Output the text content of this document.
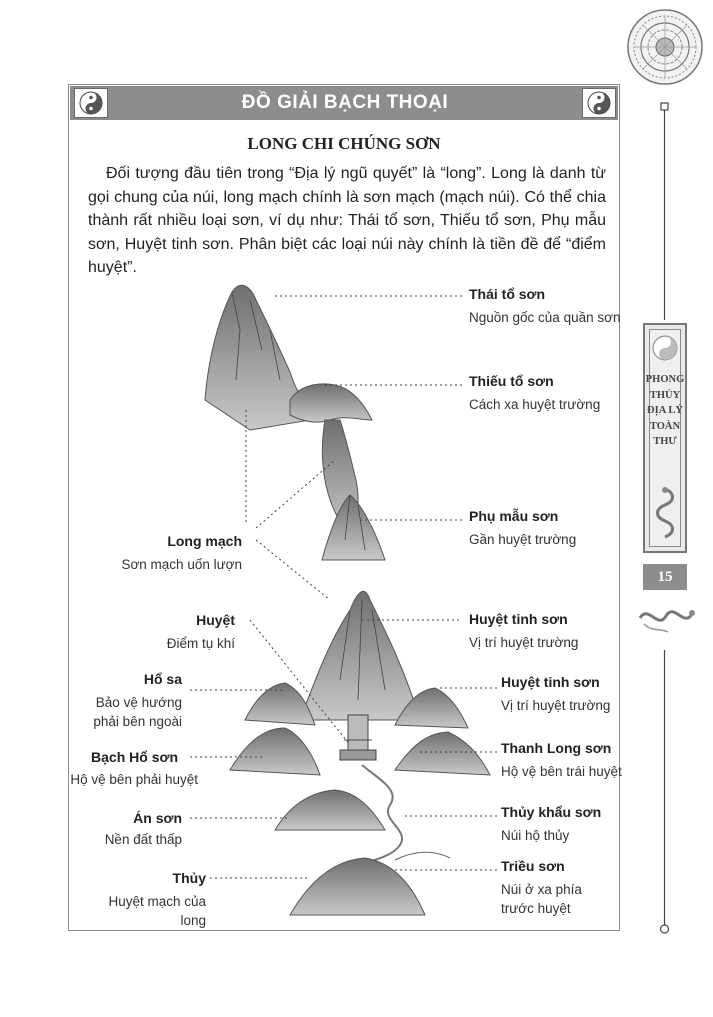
ĐỒ GIẢI BẠCH THOẠI
LONG CHI CHÚNG SƠN
Đối tượng đầu tiên trong “Địa lý ngũ quyết” là “long”. Long là danh từ gọi chung của núi, long mạch chính là sơn mạch (mạch núi). Có thể chia thành rất nhiều loại sơn, ví dụ như: Thái tổ sơn, Thiếu tổ sơn, Phụ mẫu sơn, Huyệt tinh sơn. Phân biệt các loại núi này chính là tiền đề để “điểm huyệt”.
Thái tổ sơn
Nguồn gốc của quần sơn
Thiếu tổ sơn
Cách xa huyệt trường
Phụ mẫu sơn
Gần huyệt trường
Huyệt tinh sơn
Vị trí huyệt trường
Huyệt tinh sơn
Vị trí huyệt trường
Thanh Long sơn
Hộ vệ bên trái huyệt
Thủy khẩu sơn
Núi hộ thủy
Triều sơn
Núi ở xa phía trước huyệt
Long mạch
Sơn mạch uốn lượn
Huyệt
Điểm tụ khí
Hổ sa
Bảo vệ hướng phải bên ngoài
Bạch Hổ sơn
Hộ vệ bên phải huyệt
Án sơn
Nền đất thấp
Thủy
Huyệt mạch của long
PHONG THỦY ĐỊA LÝ TOÀN THƯ
15
